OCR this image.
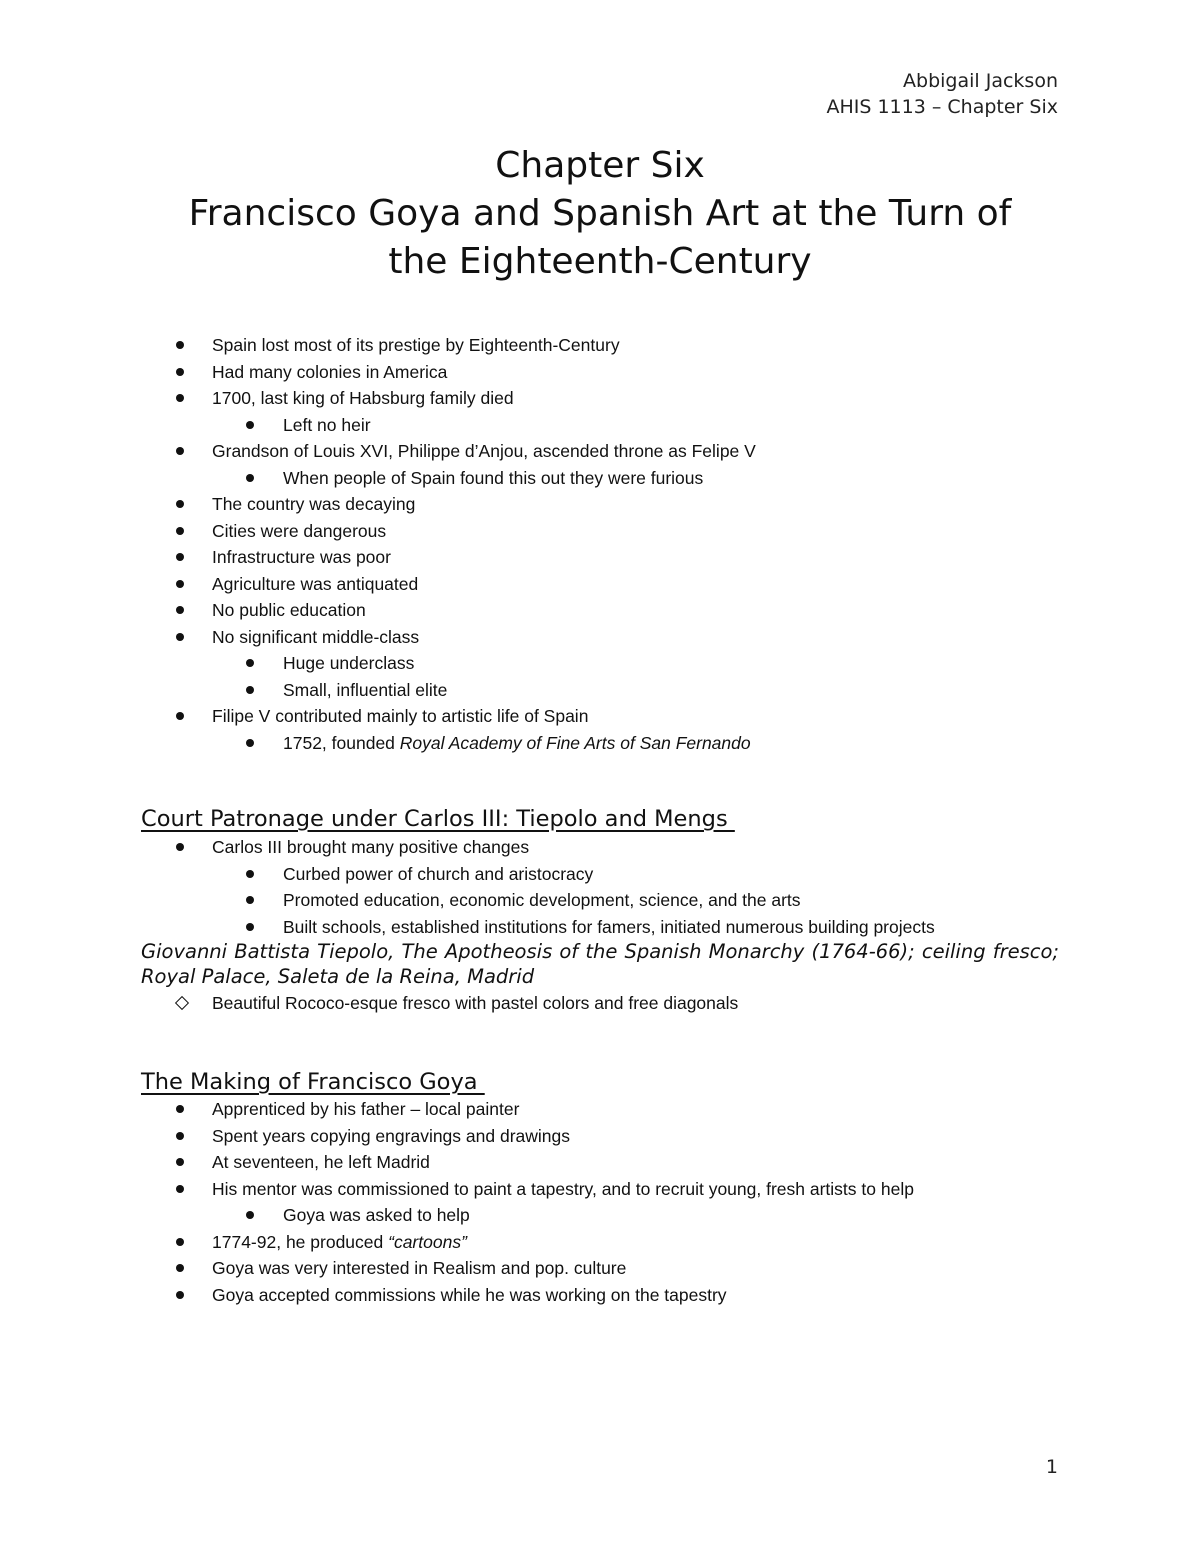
Abbigail Jackson
AHIS 1113 – Chapter Six
Chapter Six
Francisco Goya and Spanish Art at the Turn of
the Eighteenth-Century
Spain lost most of its prestige by Eighteenth-Century
Had many colonies in America
1700, last king of Habsburg family died
Left no heir
Grandson of Louis XVI, Philippe d’Anjou, ascended throne as Felipe V
When people of Spain found this out they were furious
The country was decaying
Cities were dangerous
Infrastructure was poor
Agriculture was antiquated
No public education
No significant middle-class
Huge underclass
Small, influential elite
Filipe V contributed mainly to artistic life of Spain
1752, founded Royal Academy of Fine Arts of San Fernando
Court Patronage under Carlos III: Tiepolo and Mengs
Carlos III brought many positive changes
Curbed power of church and aristocracy
Promoted education, economic development, science, and the arts
Built schools, established institutions for famers, initiated numerous building projects
Giovanni Battista Tiepolo, The Apotheosis of the Spanish Monarchy (1764-66); ceiling fresco; Royal Palace, Saleta de la Reina, Madrid
Beautiful Rococo-esque fresco with pastel colors and free diagonals
The Making of Francisco Goya
Apprenticed by his father – local painter
Spent years copying engravings and drawings
At seventeen, he left Madrid
His mentor was commissioned to paint a tapestry, and to recruit young, fresh artists to help
Goya was asked to help
1774-92, he produced “cartoons”
Goya was very interested in Realism and pop. culture
Goya accepted commissions while he was working on the tapestry
1
